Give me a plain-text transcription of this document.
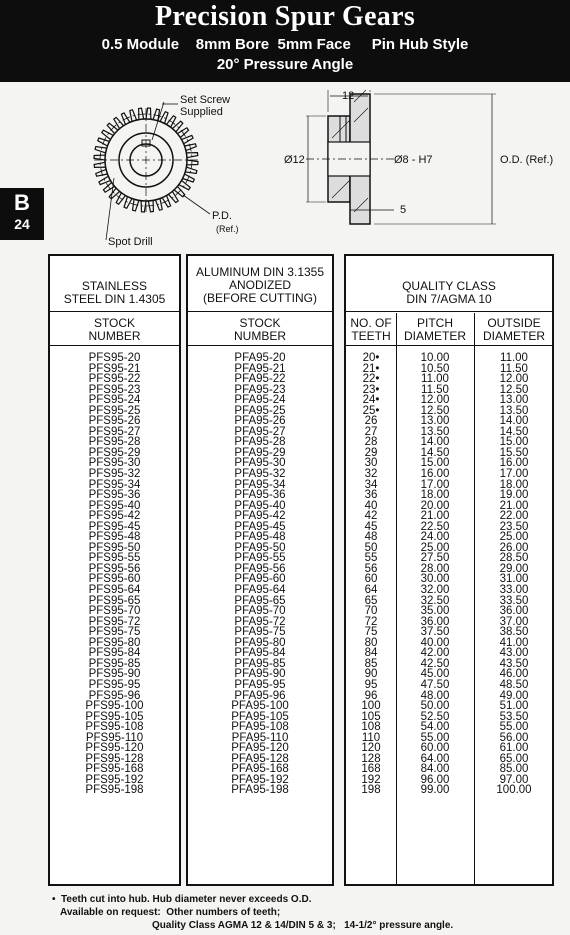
Precision Spur Gears
0.5 Module    8mm Bore  5mm Face     Pin Hub Style
20° Pressure Angle
B
24
Set Screw
Supplied
P.D.
(Ref.)
Spot Drill
12
Ø12	Ø8 - H7	O.D. (Ref.)
5
STAINLESS
STEEL DIN 1.4305
STOCK
NUMBER
PFS95-20
PFS95-21
PFS95-22
PFS95-23
PFS95-24
PFS95-25
PFS95-26
PFS95-27
PFS95-28
PFS95-29
PFS95-30
PFS95-32
PFS95-34
PFS95-36
PFS95-40
PFS95-42
PFS95-45
PFS95-48
PFS95-50
PFS95-55
PFS95-56
PFS95-60
PFS95-64
PFS95-65
PFS95-70
PFS95-72
PFS95-75
PFS95-80
PFS95-84
PFS95-85
PFS95-90
PFS95-95
PFS95-96
PFS95-100
PFS95-105
PFS95-108
PFS95-110
PFS95-120
PFS95-128
PFS95-168
PFS95-192
PFS95-198
ALUMINUM DIN 3.1355
ANODIZED
(BEFORE CUTTING)
STOCK
NUMBER
PFA95-20
PFA95-21
PFA95-22
PFA95-23
PFA95-24
PFA95-25
PFA95-26
PFA95-27
PFA95-28
PFA95-29
PFA95-30
PFA95-32
PFA95-34
PFA95-36
PFA95-40
PFA95-42
PFA95-45
PFA95-48
PFA95-50
PFA95-55
PFA95-56
PFA95-60
PFA95-64
PFA95-65
PFA95-70
PFA95-72
PFA95-75
PFA95-80
PFA95-84
PFA95-85
PFA95-90
PFA95-95
PFA95-96
PFA95-100
PFA95-105
PFA95-108
PFA95-110
PFA95-120
PFA95-128
PFA95-168
PFA95-192
PFA95-198
QUALITY CLASS
DIN 7/AGMA 10
NO. OF
TEETH
PITCH
DIAMETER
OUTSIDE
DIAMETER
20•
21•
22•
23•
24•
25•
26
27
28
29
30
32
34
36
40
42
45
48
50
55
56
60
64
65
70
72
75
80
84
85
90
95
96
100
105
108
110
120
128
168
192
198
10.00
10.50
11.00
11.50
12.00
12.50
13.00
13.50
14.00
14.50
15.00
16.00
17.00
18.00
20.00
21.00
22.50
24.00
25.00
27.50
28.00
30.00
32.00
32.50
35.00
36.00
37.50
40.00
42.00
42.50
45.00
47.50
48.00
50.00
52.50
54.00
55.00
60.00
64.00
84.00
96.00
99.00
11.00
11.50
12.00
12.50
13.00
13.50
14.00
14.50
15.00
15.50
16.00
17.00
18.00
19.00
21.00
22.00
23.50
25.00
26.00
28.50
29.00
31.00
33.00
33.50
36.00
37.00
38.50
41.00
43.00
43.50
46.00
48.50
49.00
51.00
53.50
55.00
56.00
61.00
65.00
85.00
97.00
100.00
•  Teeth cut into hub. Hub diameter never exceeds O.D.
Available on request:  Other numbers of teeth;
Quality Class AGMA 12 & 14/DIN 5 & 3;   14-1/2° pressure angle.
